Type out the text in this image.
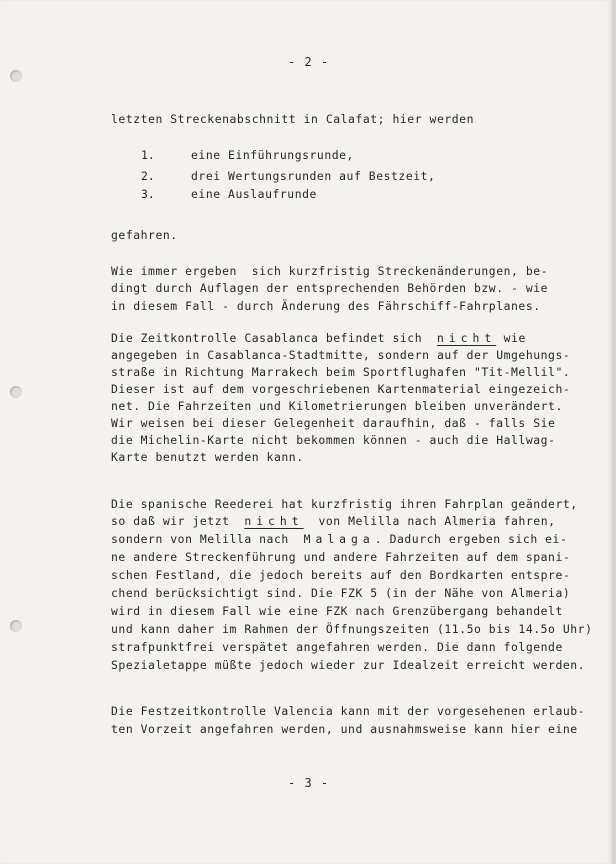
- 2 -
letzten Streckenabschnitt in Calafat; hier werden
1.	eine Einführungsrunde,
2.	drei Wertungsrunden auf Bestzeit,
3.	eine Auslaufrunde
gefahren.
Wie immer ergeben  sich kurzfristig Streckenänderungen, be-
dingt durch Auflagen der entsprechenden Behörden bzw. - wie
in diesem Fall - durch Änderung des Fährschiff-Fahrplanes.
Die Zeitkontrolle Casablanca befindet sich  nicht wie
angegeben in Casablanca-Stadtmitte, sondern auf der Umgehungs-
straße in Richtung Marrakech beim Sportflughafen "Tit-Mellil".
Dieser ist auf dem vorgeschriebenen Kartenmaterial eingezeich-
net. Die Fahrzeiten und Kilometrierungen bleiben unverändert.
Wir weisen bei dieser Gelegenheit daraufhin, daß - falls Sie
die Michelin-Karte nicht bekommen können - auch die Hallwag-
Karte benutzt werden kann.
Die spanische Reederei hat kurzfristig ihren Fahrplan geändert,
so daß wir jetzt  nicht  von Melilla nach Almeria fahren,
sondern von Melilla nach  Malaga. Dadurch ergeben sich ei-
ne andere Streckenführung und andere Fahrzeiten auf dem spani-
schen Festland, die jedoch bereits auf den Bordkarten entspre-
chend berücksichtigt sind. Die FZK 5 (in der Nähe von Almeria)
wird in diesem Fall wie eine FZK nach Grenzübergang behandelt
und kann daher im Rahmen der Öffnungszeiten (11.5o bis 14.5o Uhr)
strafpunktfrei verspätet angefahren werden. Die dann folgende
Spezialetappe müßte jedoch wieder zur Idealzeit erreicht werden.
Die Festzeitkontrolle Valencia kann mit der vorgesehenen erlaub-
ten Vorzeit angefahren werden, und ausnahmsweise kann hier eine
- 3 -
